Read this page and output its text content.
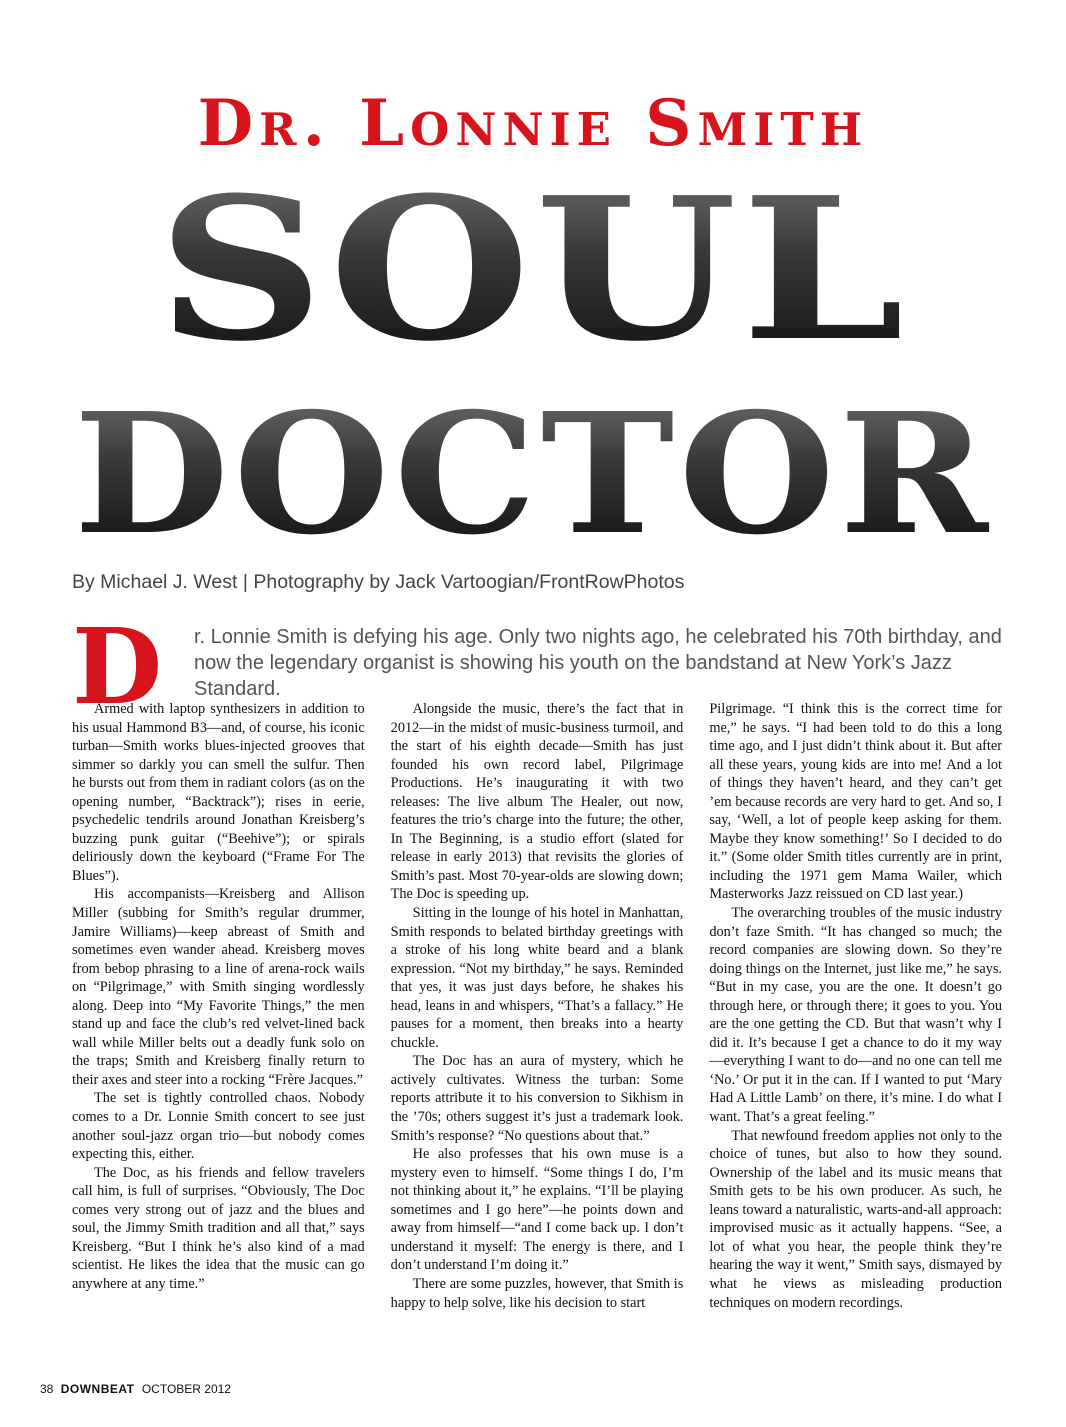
Dr. Lonnie Smith
SOUL
DOCTOR
By Michael J. West | Photography by Jack Vartoogian/FrontRowPhotos
D r. Lonnie Smith is defying his age. Only two nights ago, he celebrated his 70th birthday, and now the legendary organist is showing his youth on the bandstand at New York’s Jazz Standard.

Armed with laptop synthesizers in addition to his usual Hammond B3—and, of course, his iconic turban—Smith works blues-injected grooves that simmer so darkly you can smell the sulfur. Then he bursts out from them in radiant colors (as on the opening number, “Backtrack”); rises in eerie, psychedelic tendrils around Jonathan Kreisberg’s buzzing punk guitar (“Beehive”); or spirals deliriously down the keyboard (“Frame For The Blues”).

His accompanists—Kreisberg and Allison Miller (subbing for Smith’s regular drummer, Jamire Williams)—keep abreast of Smith and sometimes even wander ahead. Kreisberg moves from bebop phrasing to a line of arena-rock wails on “Pilgrimage,” with Smith singing wordlessly along. Deep into “My Favorite Things,” the men stand up and face the club’s red velvet-lined back wall while Miller belts out a deadly funk solo on the traps; Smith and Kreisberg finally return to their axes and steer into a rocking “Frère Jacques.”

The set is tightly controlled chaos. Nobody comes to a Dr. Lonnie Smith concert to see just another soul-jazz organ trio—but nobody comes expecting this, either.

The Doc, as his friends and fellow travelers call him, is full of surprises. “Obviously, The Doc comes very strong out of jazz and the blues and soul, the Jimmy Smith tradition and all that,” says Kreisberg. “But I think he’s also kind of a mad scientist. He likes the idea that the music can go anywhere at any time.”

Alongside the music, there’s the fact that in 2012—in the midst of music-business turmoil, and the start of his eighth decade—Smith has just founded his own record label, Pilgrimage Productions. He’s inaugurating it with two releases: The live album The Healer, out now, features the trio’s charge into the future; the other, In The Beginning, is a studio effort (slated for release in early 2013) that revisits the glories of Smith’s past. Most 70-year-olds are slowing down; The Doc is speeding up.

Sitting in the lounge of his hotel in Manhattan, Smith responds to belated birthday greetings with a stroke of his long white beard and a blank expression. “Not my birthday,” he says. Reminded that yes, it was just days before, he shakes his head, leans in and whispers, “That’s a fallacy.” He pauses for a moment, then breaks into a hearty chuckle.

The Doc has an aura of mystery, which he actively cultivates. Witness the turban: Some reports attribute it to his conversion to Sikhism in the ’70s; others suggest it’s just a trademark look. Smith’s response? “No questions about that.”

He also professes that his own muse is a mystery even to himself. “Some things I do, I’m not thinking about it,” he explains. “I’ll be playing sometimes and I go here”—he points down and away from himself—“and I come back up. I don’t understand it myself: The energy is there, and I don’t understand I’m doing it.”

There are some puzzles, however, that Smith is happy to help solve, like his decision to start

Pilgrimage. “I think this is the correct time for me,” he says. “I had been told to do this a long time ago, and I just didn’t think about it. But after all these years, young kids are into me! And a lot of things they haven’t heard, and they can’t get ’em because records are very hard to get. And so, I say, ‘Well, a lot of people keep asking for them. Maybe they know something!’ So I decided to do it.” (Some older Smith titles currently are in print, including the 1971 gem Mama Wailer, which Masterworks Jazz reissued on CD last year.)

The overarching troubles of the music industry don’t faze Smith. “It has changed so much; the record companies are slowing down. So they’re doing things on the Internet, just like me,” he says. “But in my case, you are the one. It doesn’t go through here, or through there; it goes to you. You are the one getting the CD. But that wasn’t why I did it. It’s because I get a chance to do it my way—everything I want to do—and no one can tell me ‘No.’ Or put it in the can. If I wanted to put ‘Mary Had A Little Lamb’ on there, it’s mine. I do what I want. That’s a great feeling.”

That newfound freedom applies not only to the choice of tunes, but also to how they sound. Ownership of the label and its music means that Smith gets to be his own producer. As such, he leans toward a naturalistic, warts-and-all approach: improvised music as it actually happens. “See, a lot of what you hear, the people think they’re hearing the way it went,” Smith says, dismayed by what he views as misleading production techniques on modern recordings.

38 DOWNBEAT OCTOBER 2012
